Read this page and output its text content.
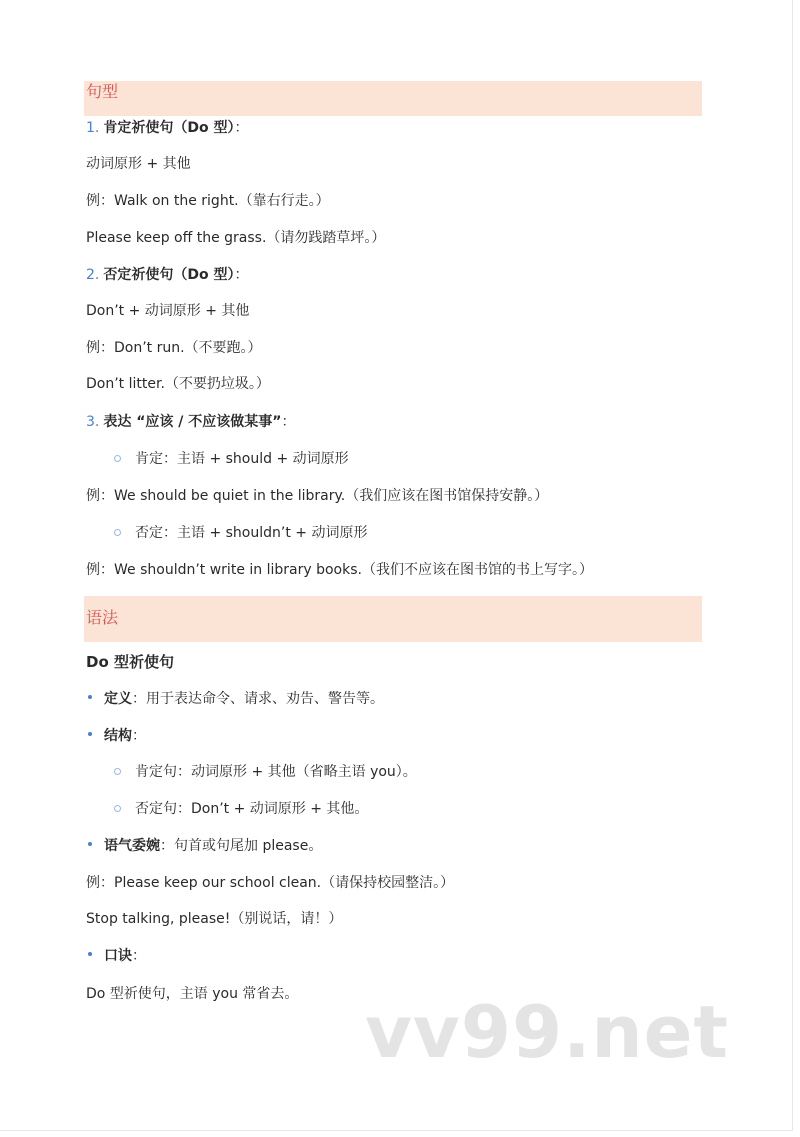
句型
1. 肯定祈使句（Do 型）：
动词原形 + 其他
例：Walk on the right.（靠右行走。）
Please keep off the grass.（请勿践踏草坪。）
2. 否定祈使句（Do 型）：
Don’t + 动词原形 + 其他
例：Don’t run.（不要跑。）
Don’t litter.（不要扔垃圾。）
3. 表达 “应该 / 不应该做某事”：
肯定：主语 + should + 动词原形
例：We should be quiet in the library.（我们应该在图书馆保持安静。）
否定：主语 + shouldn’t + 动词原形
例：We shouldn’t write in library books.（我们不应该在图书馆的书上写字。）
语法
Do 型祈使句
定义：用于表达命令、请求、劝告、警告等。
结构：
肯定句：动词原形 + 其他（省略主语 you）。
否定句：Don’t + 动词原形 + 其他。
语气委婉：句首或句尾加 please。
例：Please keep our school clean.（请保持校园整洁。）
Stop talking, please!（别说话，请！）
口诀：
Do 型祈使句，主语 you 常省去。 vv99.net
